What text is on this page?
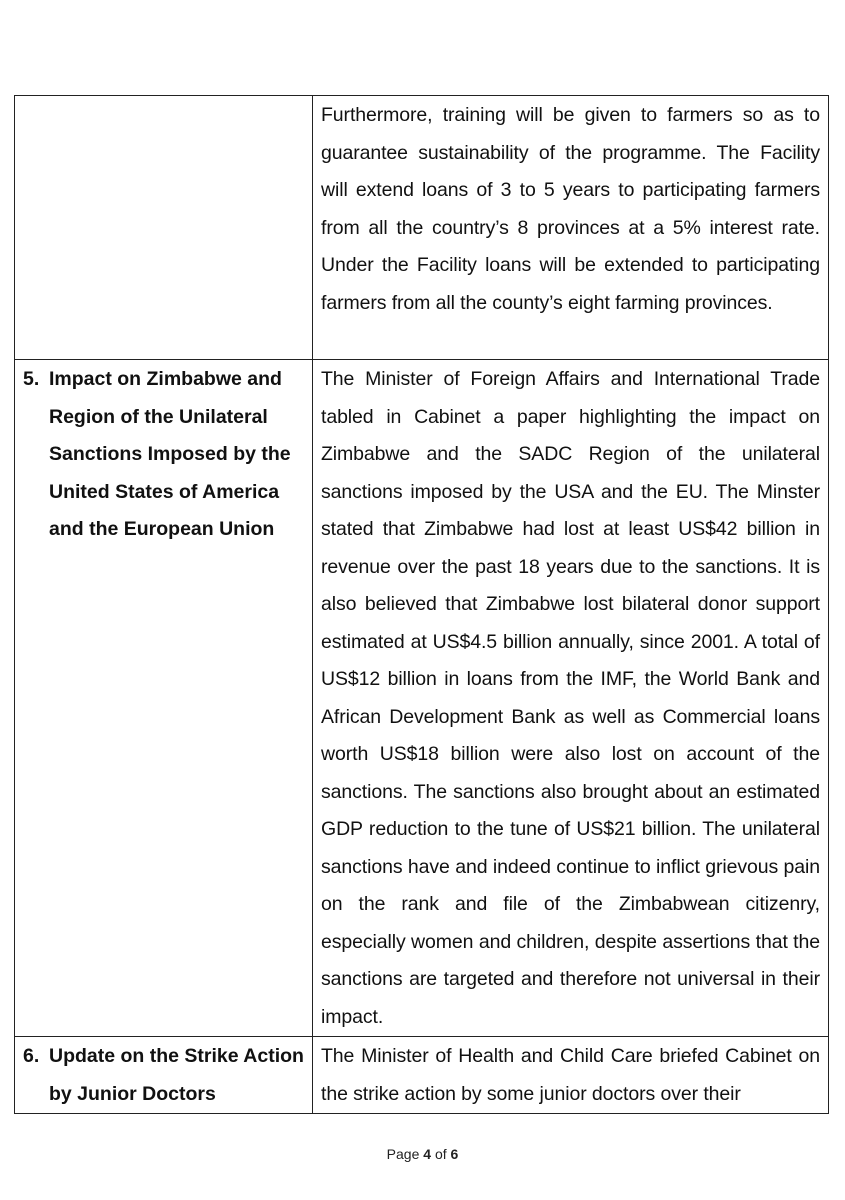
	Furthermore, training will be given to farmers so as to guarantee sustainability of the programme. The Facility will extend loans of 3 to 5 years to participating farmers from all the country’s 8 provinces at a 5% interest rate. Under the Facility loans will be extended to participating farmers from all the county’s eight farming provinces.

5. Impact on Zimbabwe and Region of the Unilateral Sanctions Imposed by the United States of America and the European Union	The Minister of Foreign Affairs and International Trade tabled in Cabinet a paper highlighting the impact on Zimbabwe and the SADC Region of the unilateral sanctions imposed by the USA and the EU. The Minster stated that Zimbabwe had lost at least US$42 billion in revenue over the past 18 years due to the sanctions. It is also believed that Zimbabwe lost bilateral donor support estimated at US$4.5 billion annually, since 2001. A total of US$12 billion in loans from the IMF, the World Bank and African Development Bank as well as Commercial loans worth US$18 billion were also lost on account of the sanctions. The sanctions also brought about an estimated GDP reduction to the tune of US$21 billion. The unilateral sanctions have and indeed continue to inflict grievous pain on the rank and file of the Zimbabwean citizenry, especially women and children, despite assertions that the sanctions are targeted and therefore not universal in their impact.

6. Update on the Strike Action by Junior Doctors	The Minister of Health and Child Care briefed Cabinet on the strike action by some junior doctors over their
Page 4 of 6
